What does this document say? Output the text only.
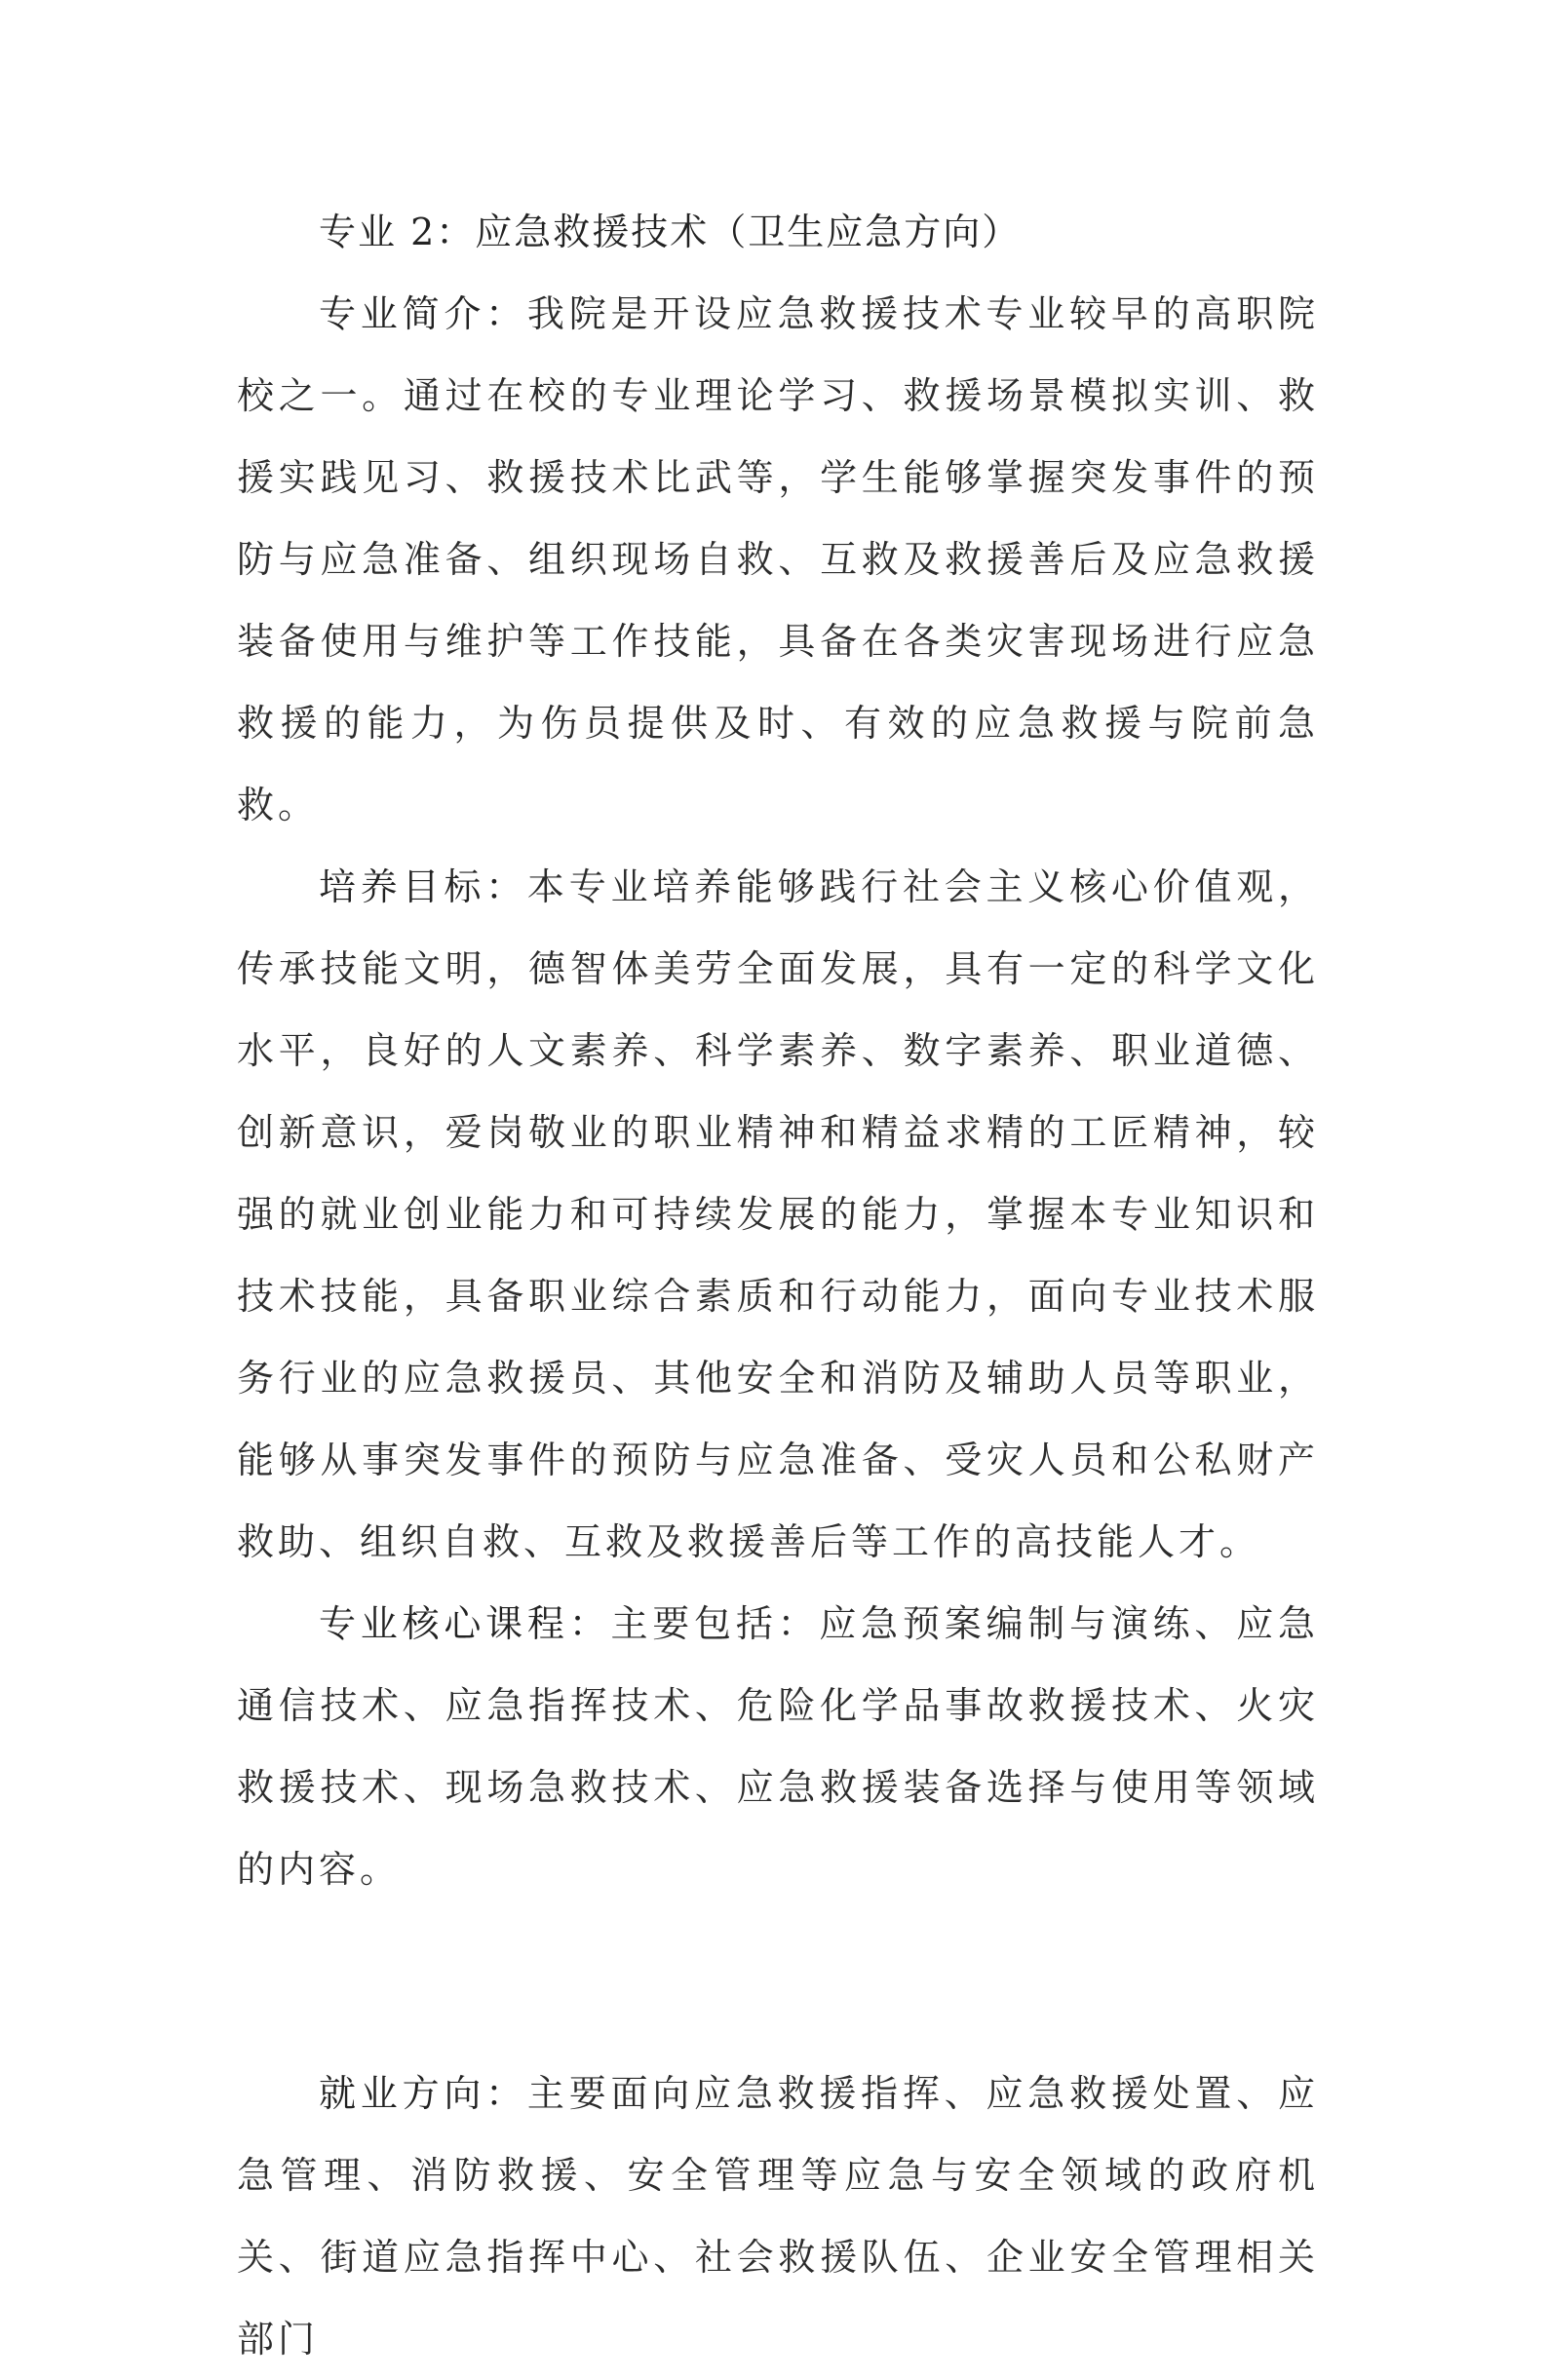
专业 2：应急救援技术（卫生应急方向）

专业简介：我院是开设应急救援技术专业较早的高职院校之一。通过在校的专业理论学习、救援场景模拟实训、救援实践见习、救援技术比武等，学生能够掌握突发事件的预防与应急准备、组织现场自救、互救及救援善后及应急救援装备使用与维护等工作技能，具备在各类灾害现场进行应急救援的能力，为伤员提供及时、有效的应急救援与院前急救。

培养目标：本专业培养能够践行社会主义核心价值观，传承技能文明，德智体美劳全面发展，具有一定的科学文化水平，良好的人文素养、科学素养、数字素养、职业道德、创新意识，爱岗敬业的职业精神和精益求精的工匠精神，较强的就业创业能力和可持续发展的能力，掌握本专业知识和技术技能，具备职业综合素质和行动能力，面向专业技术服务行业的应急救援员、其他安全和消防及辅助人员等职业，能够从事突发事件的预防与应急准备、受灾人员和公私财产救助、组织自救、互救及救援善后等工作的高技能人才。

专业核心课程：主要包括：应急预案编制与演练、应急通信技术、应急指挥技术、危险化学品事故救援技术、火灾救援技术、现场急救技术、应急救援装备选择与使用等领域的内容。

就业方向：主要面向应急救援指挥、应急救援处置、应急管理、消防救援、安全管理等应急与安全领域的政府机关、街道应急指挥中心、社会救援队伍、企业安全管理相关部门
